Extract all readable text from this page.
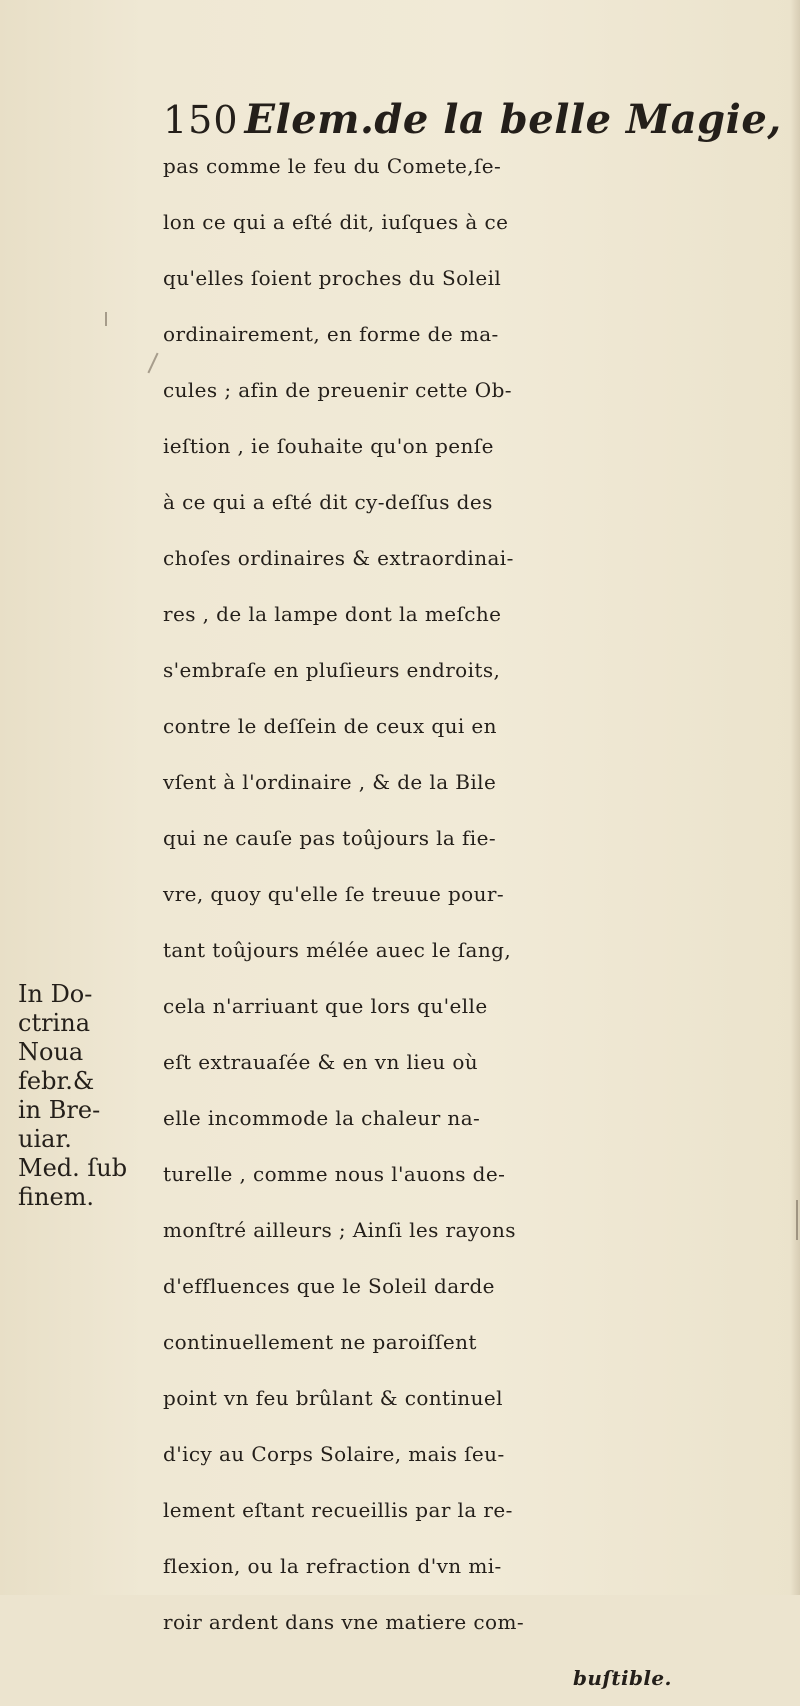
150 Elem.de la belle Magie,

pas comme le feu du Comete,ſe-

lon ce qui a eſté dit, iuſques à ce

qu'elles ſoient proches du Soleil

ordinairement, en forme de ma-

cules ; afin de preuenir cette Ob-

ieſtion , ie ſouhaite qu'on penſe

à ce qui a eſté dit cy-deſſus des

choſes ordinaires & extraordinai-

res , de la lampe dont la meſche

s'embraſe en pluſieurs endroits,

contre le deſſein de ceux qui en

vſent à l'ordinaire , & de la Bile

qui ne cauſe pas toûjours la fie-

vre, quoy qu'elle ſe treuue pour-

tant toûjours mélée auec le ſang,

cela n'arriuant que lors qu'elle

eſt extrauaſée & en vn lieu où

elle incommode la chaleur na-

turelle , comme nous l'auons de-

monſtré ailleurs ; Ainſi les rayons

d'effluences que le Soleil darde

continuellement ne paroiſſent

point vn feu brûlant & continuel

d'icy au Corps Solaire, mais ſeu-

lement eſtant recueillis par la re-

flexion, ou la refraction d'vn mi-

roir ardent dans vne matiere com-

buſtible.

In Do-

ctrina

Noua

febr.&

in Bre-

uiar.

Med. ſub

finem.
